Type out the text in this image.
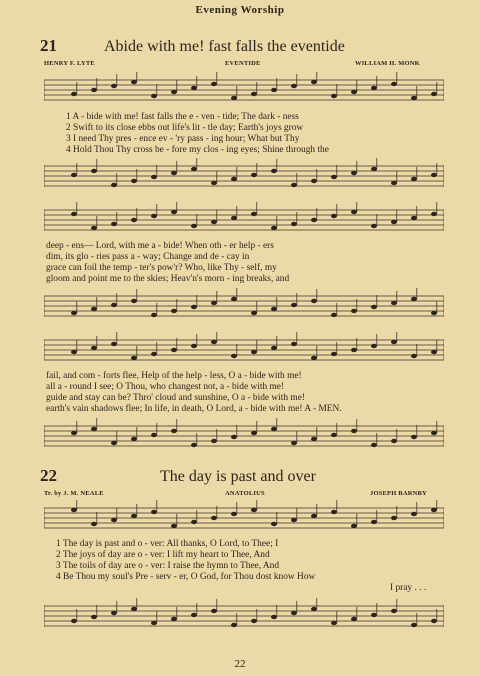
Evening Worship
21	Abide with me! fast falls the eventide
HENRY F. LYTE	EVENTIDE	WILLIAM H. MONK
1 A - bide with me! fast falls the e - ven - tide; The dark - ness
2 Swift to its close ebbs out life's lit - tle day; Earth's joys grow
3 I need Thy pres - ence ev - 'ry pass - ing hour; What but Thy
4 Hold Thou Thy cross be - fore my clos - ing eyes; Shine through the
deep - ens— Lord, with me a - bide! When oth - er help - ers
dim, its glo - ries pass a - way; Change and de - cay in
grace can foil the temp - ter's pow'r? Who, like Thy - self, my
gloom and point me to the skies; Heav'n's morn - ing breaks, and
fail, and com - forts flee, Help of the help - less, O a - bide with me!
all a - round I see; O Thou, who changest not, a - bide with me!
guide and stay can be? Thro' cloud and sunshine, O a - bide with me!
earth's vain shadows flee; In life, in death, O Lord, a - bide with me! A - MEN.
22	The day is past and over
Tr. by J. M. NEALE	ANATOLIUS	JOSEPH BARNBY
1 The day is past and o - ver: All thanks, O Lord, to Thee; I
2 The joys of day are o - ver: I lift my heart to Thee, And
3 The toils of day are o - ver: I raise the hymn to Thee, And
4 Be Thou my soul's Pre - serv - er, O God, for Thou dost know How
I pray . . .
22
